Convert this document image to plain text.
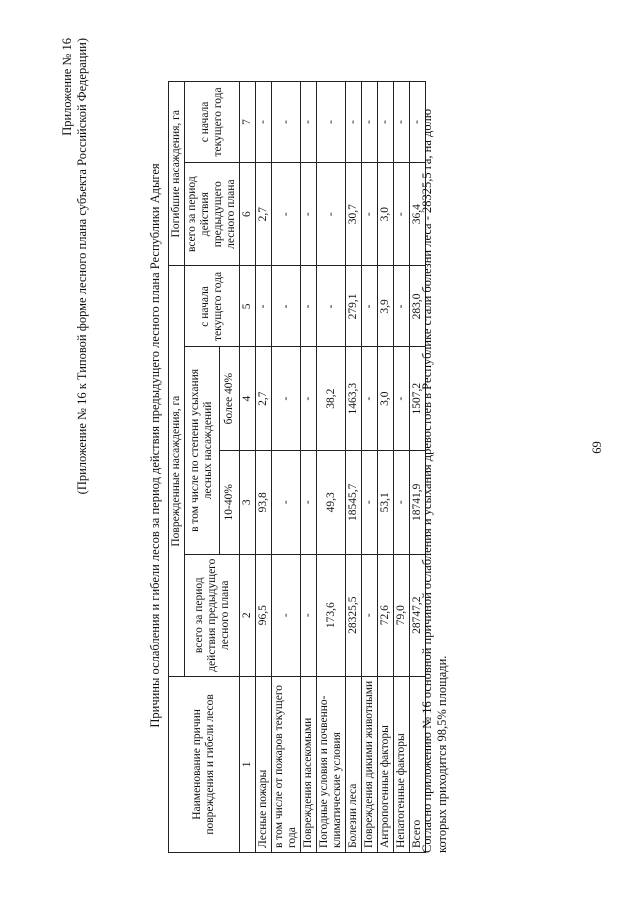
Приложение № 16 (Приложение № 16 к Типовой форме лесного плана субъекта Российской Федерации)	Причины ослабления и гибели лесов за период действия предыдущего лесного плана Республики Адыгея
Наименование причин повреждения и гибели лесов	Поврежденные насаждения, га				Погибшие насаждения, га	
	всего за период действия предыдущего лесного плана	в том числе по степени усыхания лесных насаждений		с начала текущего года	всего за период действия предыдущего лесного плана	с начала текущего года
		10-40%	более 40%			
1	2	3	4	5	6	7
Лесные пожары	96,5	93,8	2,7	-	2,7	-
в том числе от пожаров текущего года	-	-	-	-	-	-
Повреждения насекомыми	-	-	-	-	-	-
Погодные условия и почвенно-климатические условия	173,6	49,3	38,2	-	-	-
Болезни леса	28325,5	18545,7	1463,3	279,1	30,7	-
Повреждения дикими животными	-	-	-	-	-	-
Антропогенные факторы	72,6	53,1	3,0	3,9	3,0	-
Непатогенные факторы	79,0	-	-	-	-	-
Всего	28747,2	18741,9	1507,2	283,0	36,4	-
Согласно приложению № 16 основной причиной ослабления и усыхания древостоев в Республике стали болезни леса - 28325,5 га, на долю которых приходится 98,5% площади.
69
